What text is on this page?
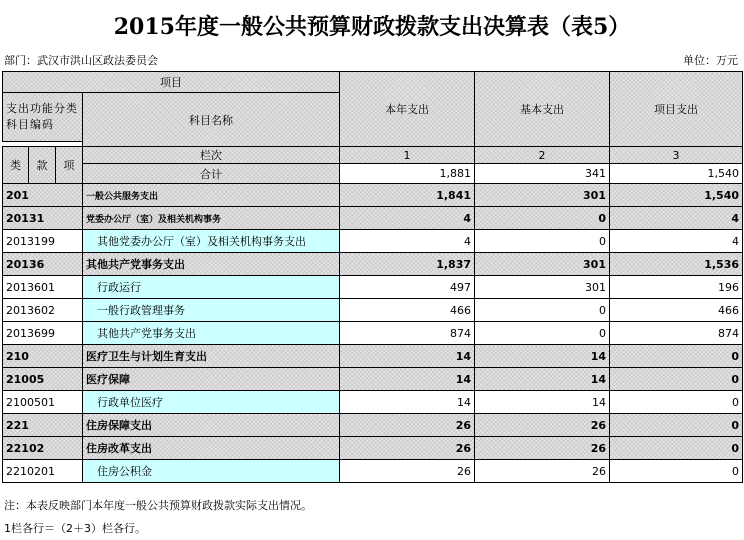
2015年度一般公共预算财政拨款支出决算表（表5）
部门：武汉市洪山区政法委员会	单位：万元
项目				本年支出	基本支出	项目支出
支出功能分类科目编码			科目名称			

类	款	项	栏次	1	2	3
			合计	1,881	341	1,540
201			一般公共服务支出	1,841	301	1,540
20131			党委办公厅（室）及相关机构事务	4	0	4
2013199			其他党委办公厅（室）及相关机构事务支出	4	0	4
20136			其他共产党事务支出	1,837	301	1,536
2013601			行政运行	497	301	196
2013602			一般行政管理事务	466	0	466
2013699			其他共产党事务支出	874	0	874
210			医疗卫生与计划生育支出	14	14	0
21005			医疗保障	14	14	0
2100501			行政单位医疗	14	14	0
221			住房保障支出	26	26	0
22102			住房改革支出	26	26	0
2210201			住房公积金	26	26	0
注：本表反映部门本年度一般公共预算财政拨款实际支出情况。
1栏各行＝（2＋3）栏各行。
